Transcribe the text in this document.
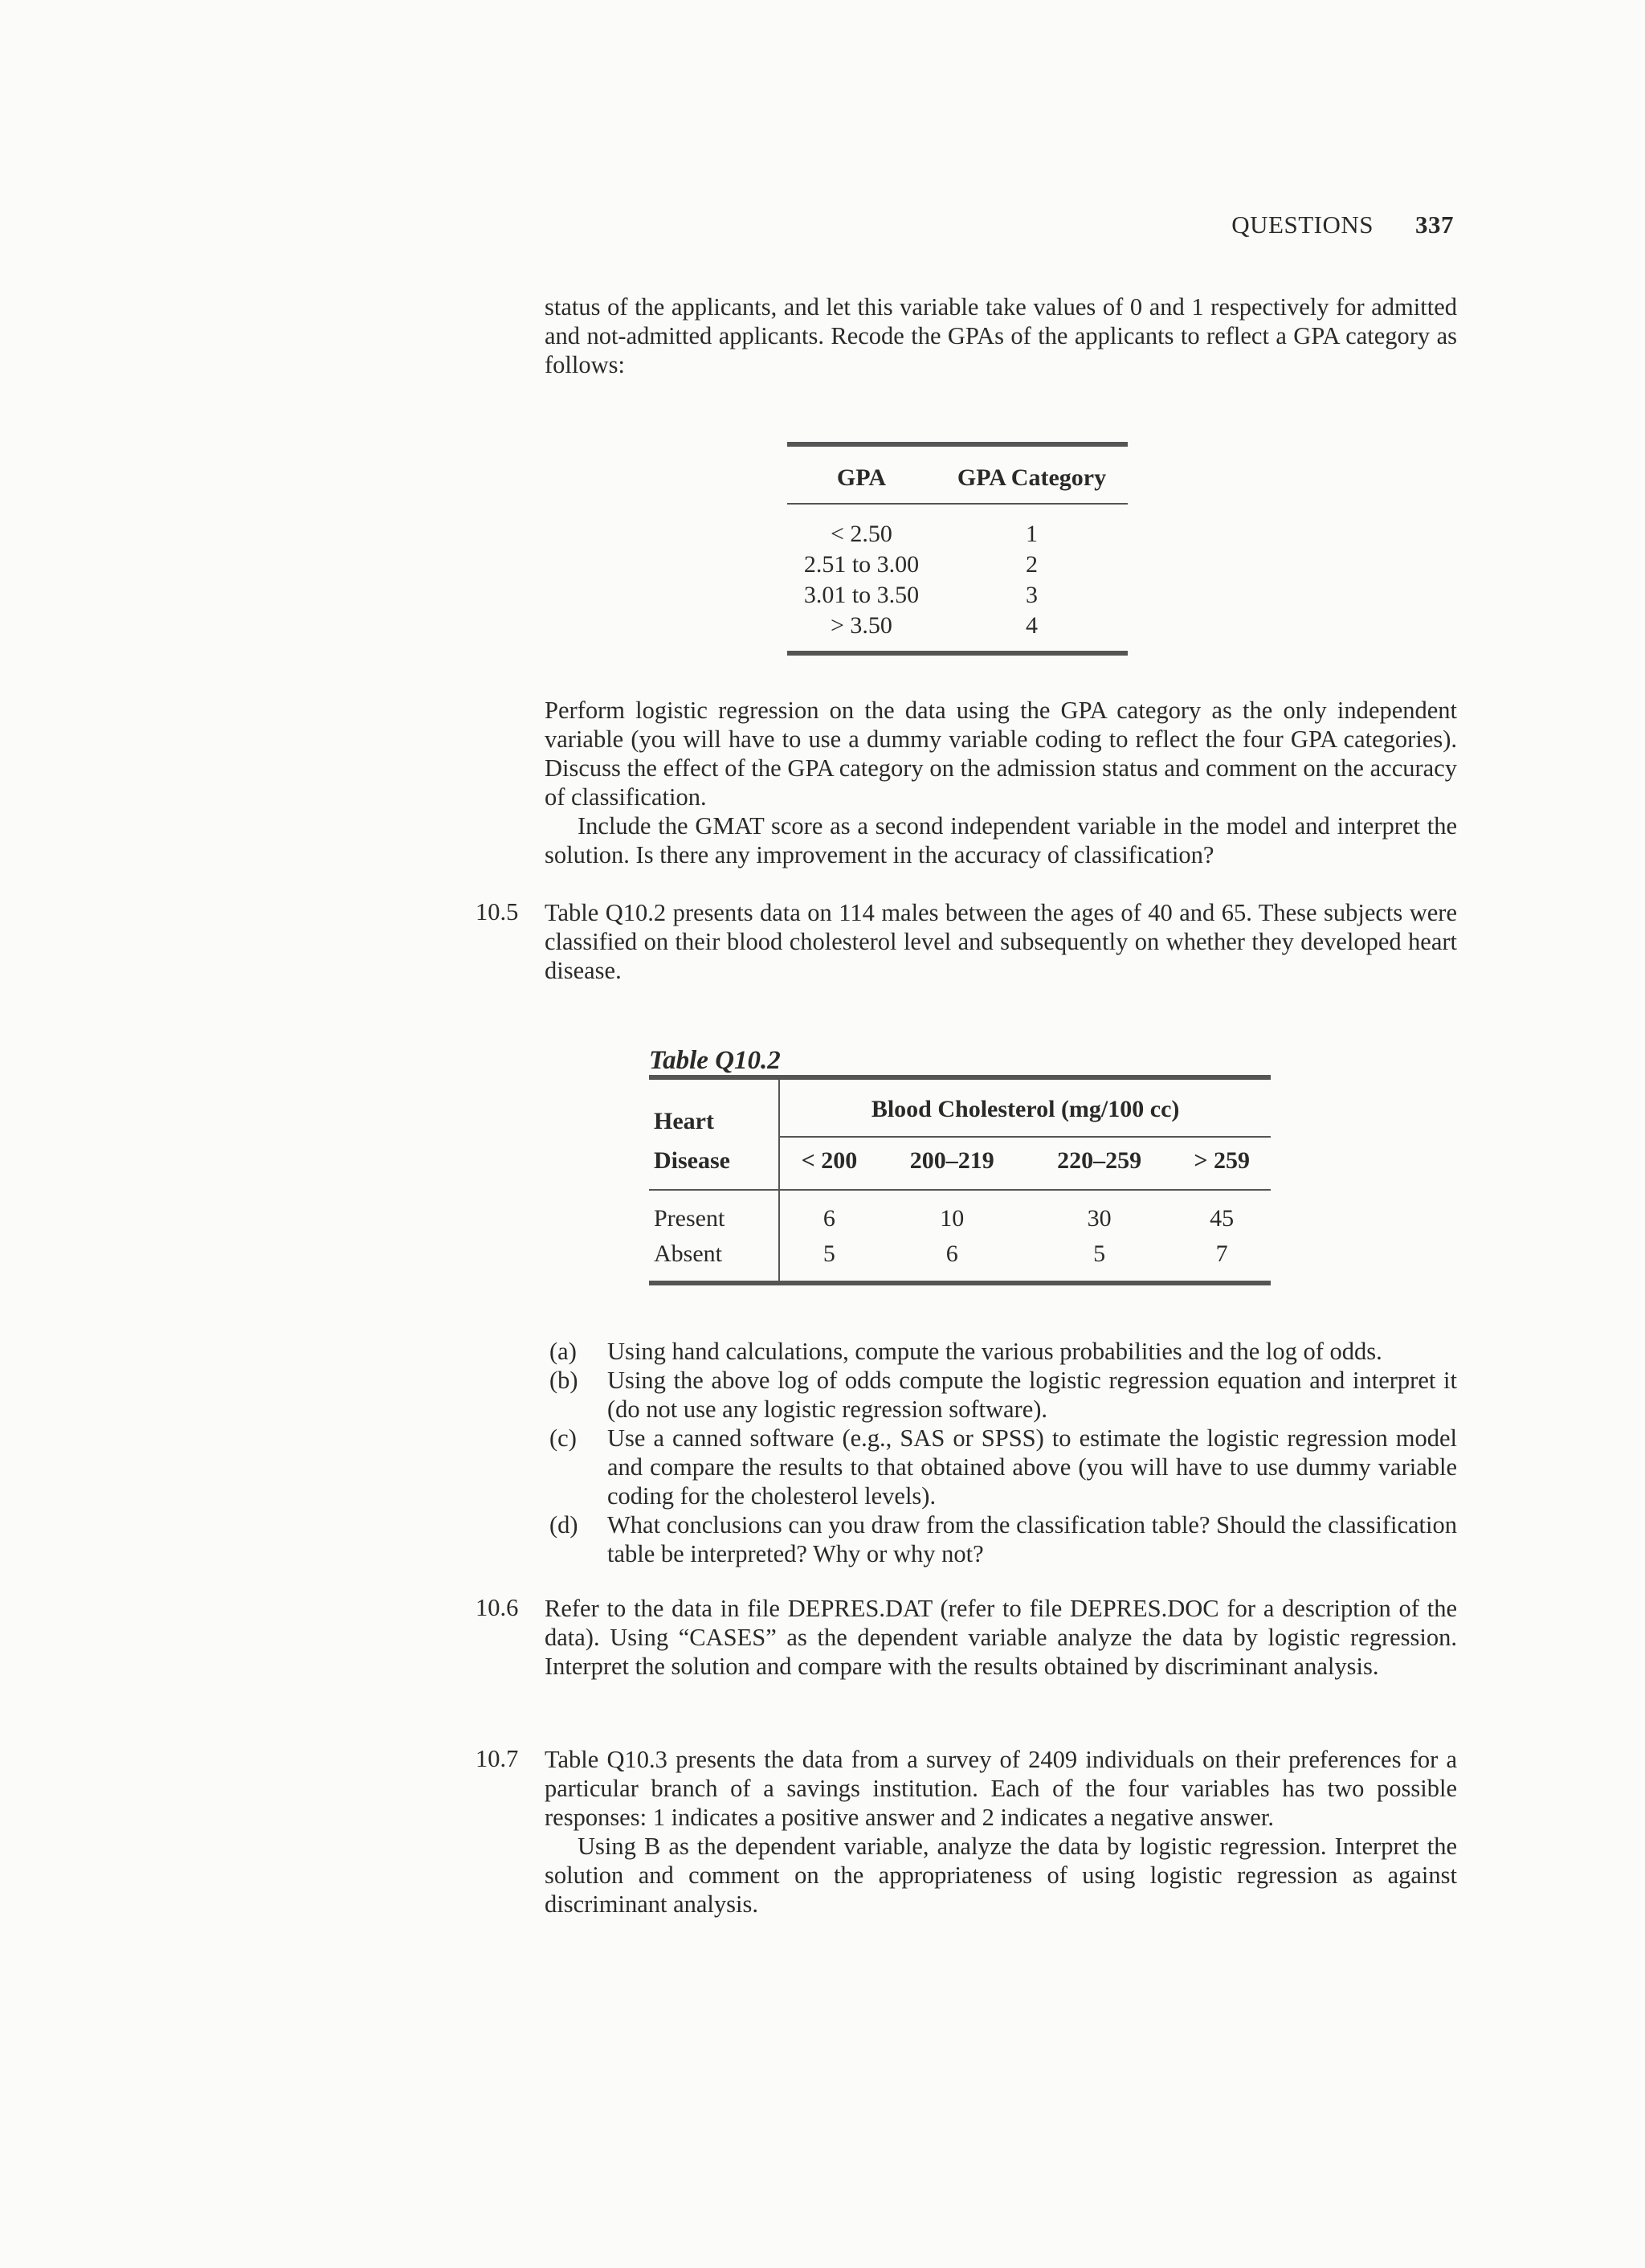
QUESTIONS 337

status of the applicants, and let this variable take values of 0 and 1 respectively for admitted and not-admitted applicants. Recode the GPAs of the applicants to reflect a GPA category as follows:

GPA	GPA Category
< 2.50	1
2.51 to 3.00	2
3.01 to 3.50	3
> 3.50	4

Perform logistic regression on the data using the GPA category as the only independent variable (you will have to use a dummy variable coding to reflect the four GPA categories). Discuss the effect of the GPA category on the admission status and comment on the accuracy of classification.

Include the GMAT score as a second independent variable in the model and interpret the solution. Is there any improvement in the accuracy of classification?

10.5 Table Q10.2 presents data on 114 males between the ages of 40 and 65. These subjects were classified on their blood cholesterol level and subsequently on whether they developed heart disease.

Table Q10.2

Heart	Blood Cholesterol (mg/100 cc)			
Disease	< 200	200–219	220–259	> 259
Present	6	10	30	45
Absent	5	6	5	7
(a)	Using hand calculations, compute the various probabilities and the log of odds.
(b)	Using the above log of odds compute the logistic regression equation and interpret it (do not use any logistic regression software).
(c)	Use a canned software (e.g., SAS or SPSS) to estimate the logistic regression model and compare the results to that obtained above (you will have to use dummy variable coding for the cholesterol levels).
(d)	What conclusions can you draw from the classification table? Should the classification table be interpreted? Why or why not?
10.6 Refer to the data in file DEPRES.DAT (refer to file DEPRES.DOC for a description of the data). Using “CASES” as the dependent variable analyze the data by logistic regression. Interpret the solution and compare with the results obtained by discriminant analysis.

10.7 Table Q10.3 presents the data from a survey of 2409 individuals on their preferences for a particular branch of a savings institution. Each of the four variables has two possible responses: 1 indicates a positive answer and 2 indicates a negative answer.

Using B as the dependent variable, analyze the data by logistic regression. Interpret the solution and comment on the appropriateness of using logistic regression as against discriminant analysis.
